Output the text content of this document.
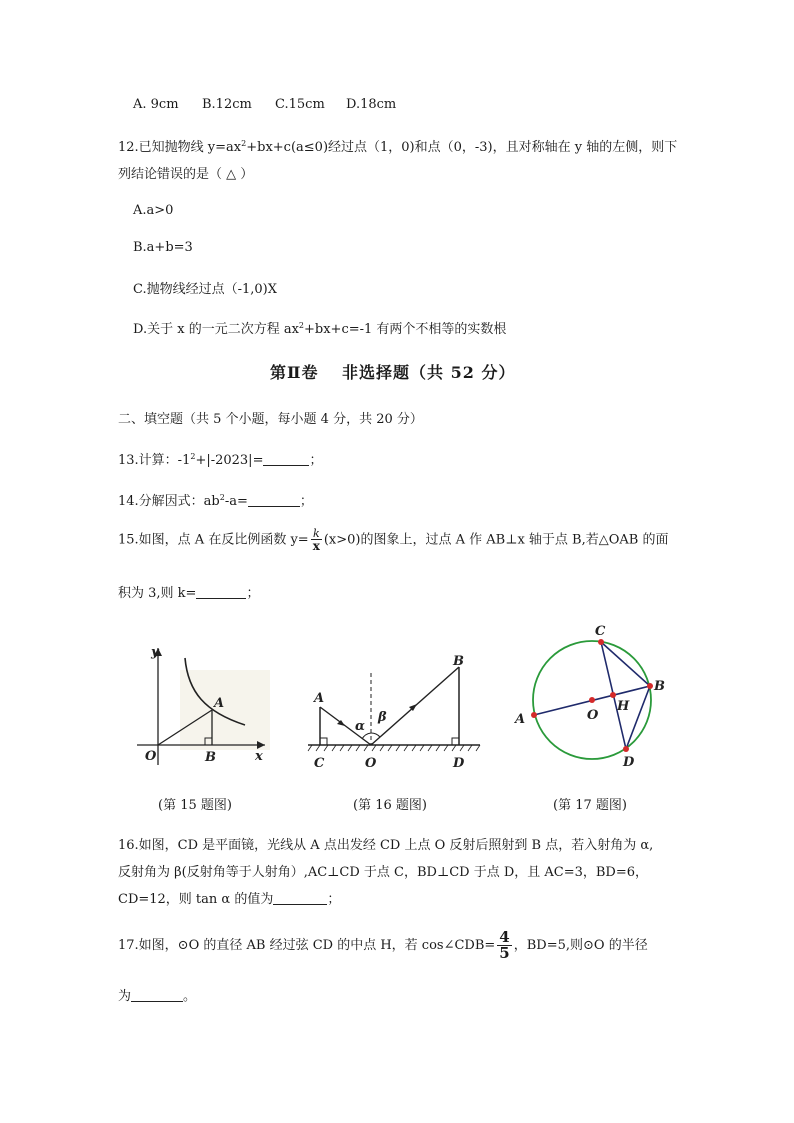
A. 9cm B.12cm C.15cm D.18cm
12.已知抛物线 $y=ax^2+bx+c(a\le 0)$经过点（1，0)和点（0，-3)，且对称轴在 y 轴的左侧，则下
列结论错误的是（ △ ）
A.a>0
B.a+b=3
C.抛物线经过点（-1,0)X
D.关于 x 的一元二次方程 $ax^2+bx+c=-1$ 有两个不相等的实数根
第Ⅱ卷　 非选择题（共 52 分）
二、填空题（共 5 个小题，每小题 4 分，共 20 分）
13.计算：$-1^2+|-2023|=$	；
14.分解因式：$ab^2-a=$	；
15.如图，点 A 在反比例函数 $y= \frac{k}{x} (x>0)$的图象上，过点 A 作 AB⊥x 轴于点 B,若△OAB 的面
积为 3,则 k=	；
y
x
O
A
B
(第 15 题图)
A
B
C	O	D
α
β
(第 16 题图)
C
B
A	O
H
D
(第 17 题图)
16.如图，CD 是平面镜，光线从 A 点出发经 CD 上点 O 反射后照射到 B 点，若入射角为 α,
反射角为 β(反射角等于人射角）,AC⊥CD 于点 C，BD⊥CD 于点 D，且 AC=3，BD=6，
CD=12，则 tan α 的值为	；
17.如图，⊙O 的直径 AB 经过弦 CD 的中点 H，若 cos∠CDB= $\frac{4}{5}$ ，BD=5,则⊙O 的半径
为	。
